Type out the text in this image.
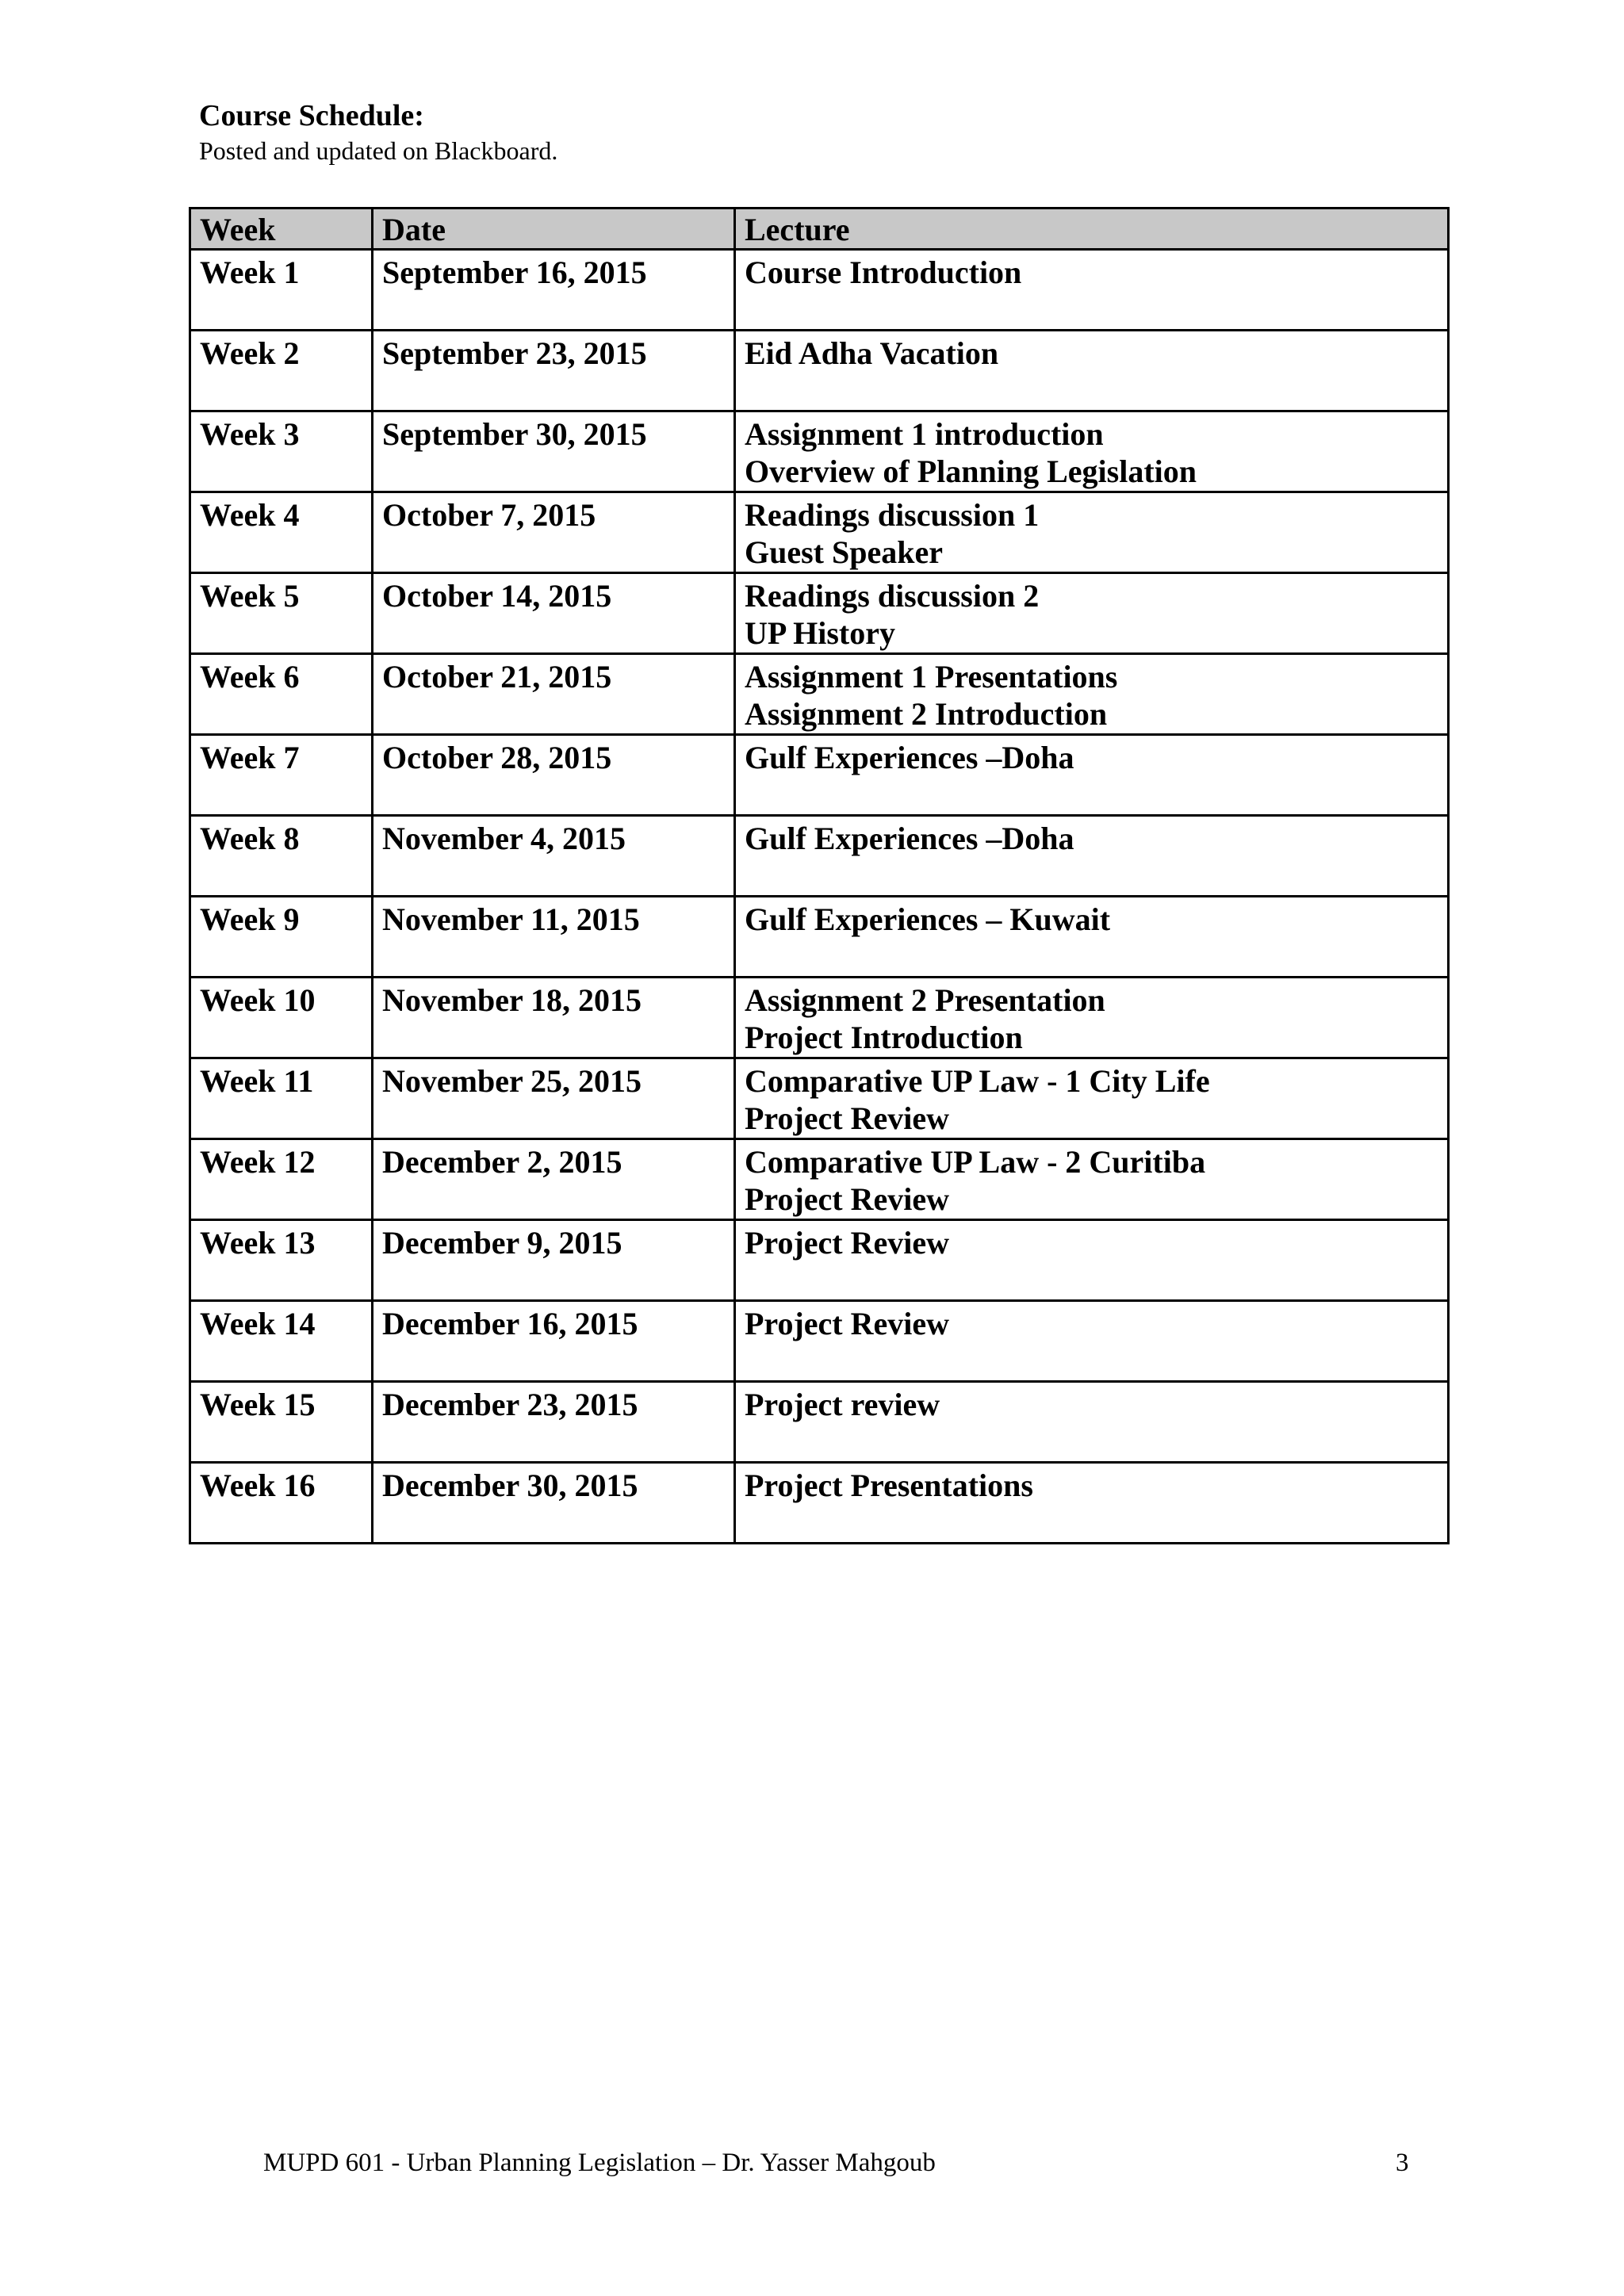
Course Schedule:
Posted and updated on Blackboard.
Week	Date	Lecture
Week 1	September 16, 2015	Course Introduction

Week 2	September 23, 2015	Eid Adha Vacation

Week 3	September 30, 2015	Assignment 1 introduction
Overview of Planning Legislation

Week 4	October 7, 2015	Readings discussion 1
Guest Speaker

Week 5	October 14, 2015	Readings discussion 2
UP History

Week 6	October 21, 2015	Assignment 1 Presentations
Assignment 2 Introduction

Week 7	October 28, 2015	Gulf Experiences –Doha

Week 8	November 4, 2015	Gulf Experiences –Doha

Week 9	November 11, 2015	Gulf Experiences – Kuwait

Week 10	November 18, 2015	Assignment 2 Presentation
Project Introduction

Week 11	November 25, 2015	Comparative UP Law - 1 City Life
Project Review

Week 12	December 2, 2015	Comparative UP Law - 2 Curitiba
Project Review

Week 13	December 9, 2015	Project Review

Week 14	December 16, 2015	Project Review

Week 15	December 23, 2015	Project review

Week 16	December 30, 2015	Project Presentations
MUPD 601 - Urban Planning Legislation – Dr. Yasser Mahgoub	3
